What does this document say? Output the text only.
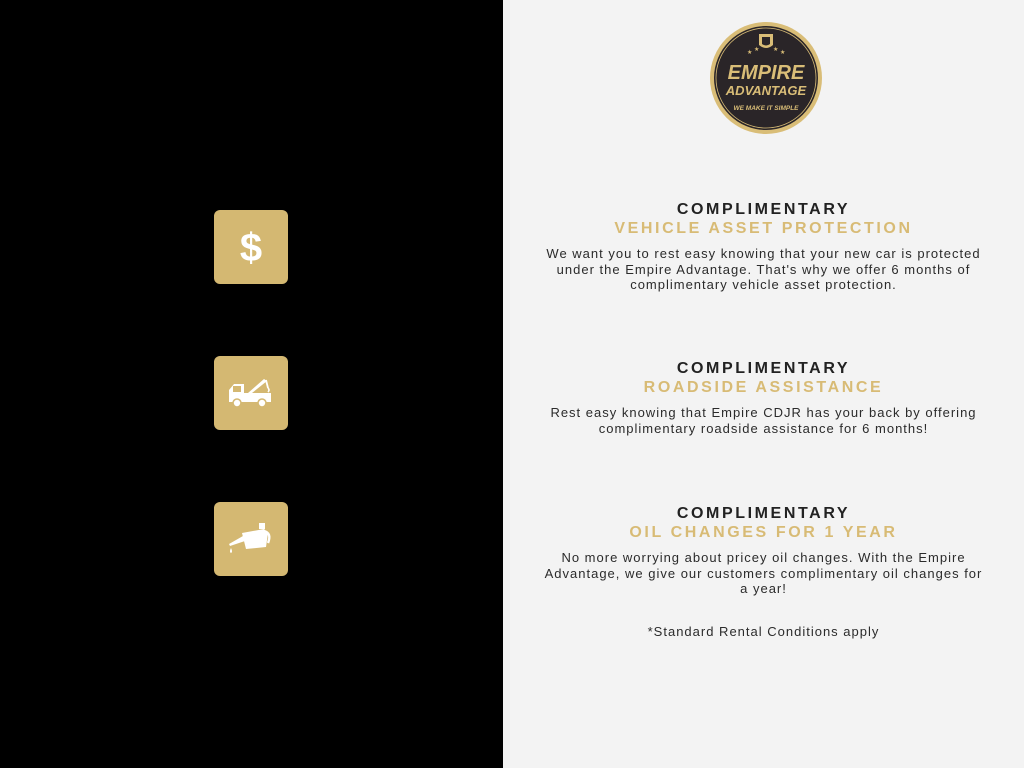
$
★ ★ ★ ★
EMPIRE
ADVANTAGE
WE MAKE IT SIMPLE
COMPLIMENTARY
VEHICLE ASSET PROTECTION
We want you to rest easy knowing that your new car is protected under the Empire Advantage. That's why we offer 6 months of complimentary vehicle asset protection.
COMPLIMENTARY
ROADSIDE ASSISTANCE
Rest easy knowing that Empire CDJR has your back by offering complimentary roadside assistance for 6 months!
COMPLIMENTARY
OIL CHANGES FOR 1 YEAR
No more worrying about pricey oil changes. With the Empire Advantage, we give our customers complimentary oil changes for a year!
*Standard Rental Conditions apply
